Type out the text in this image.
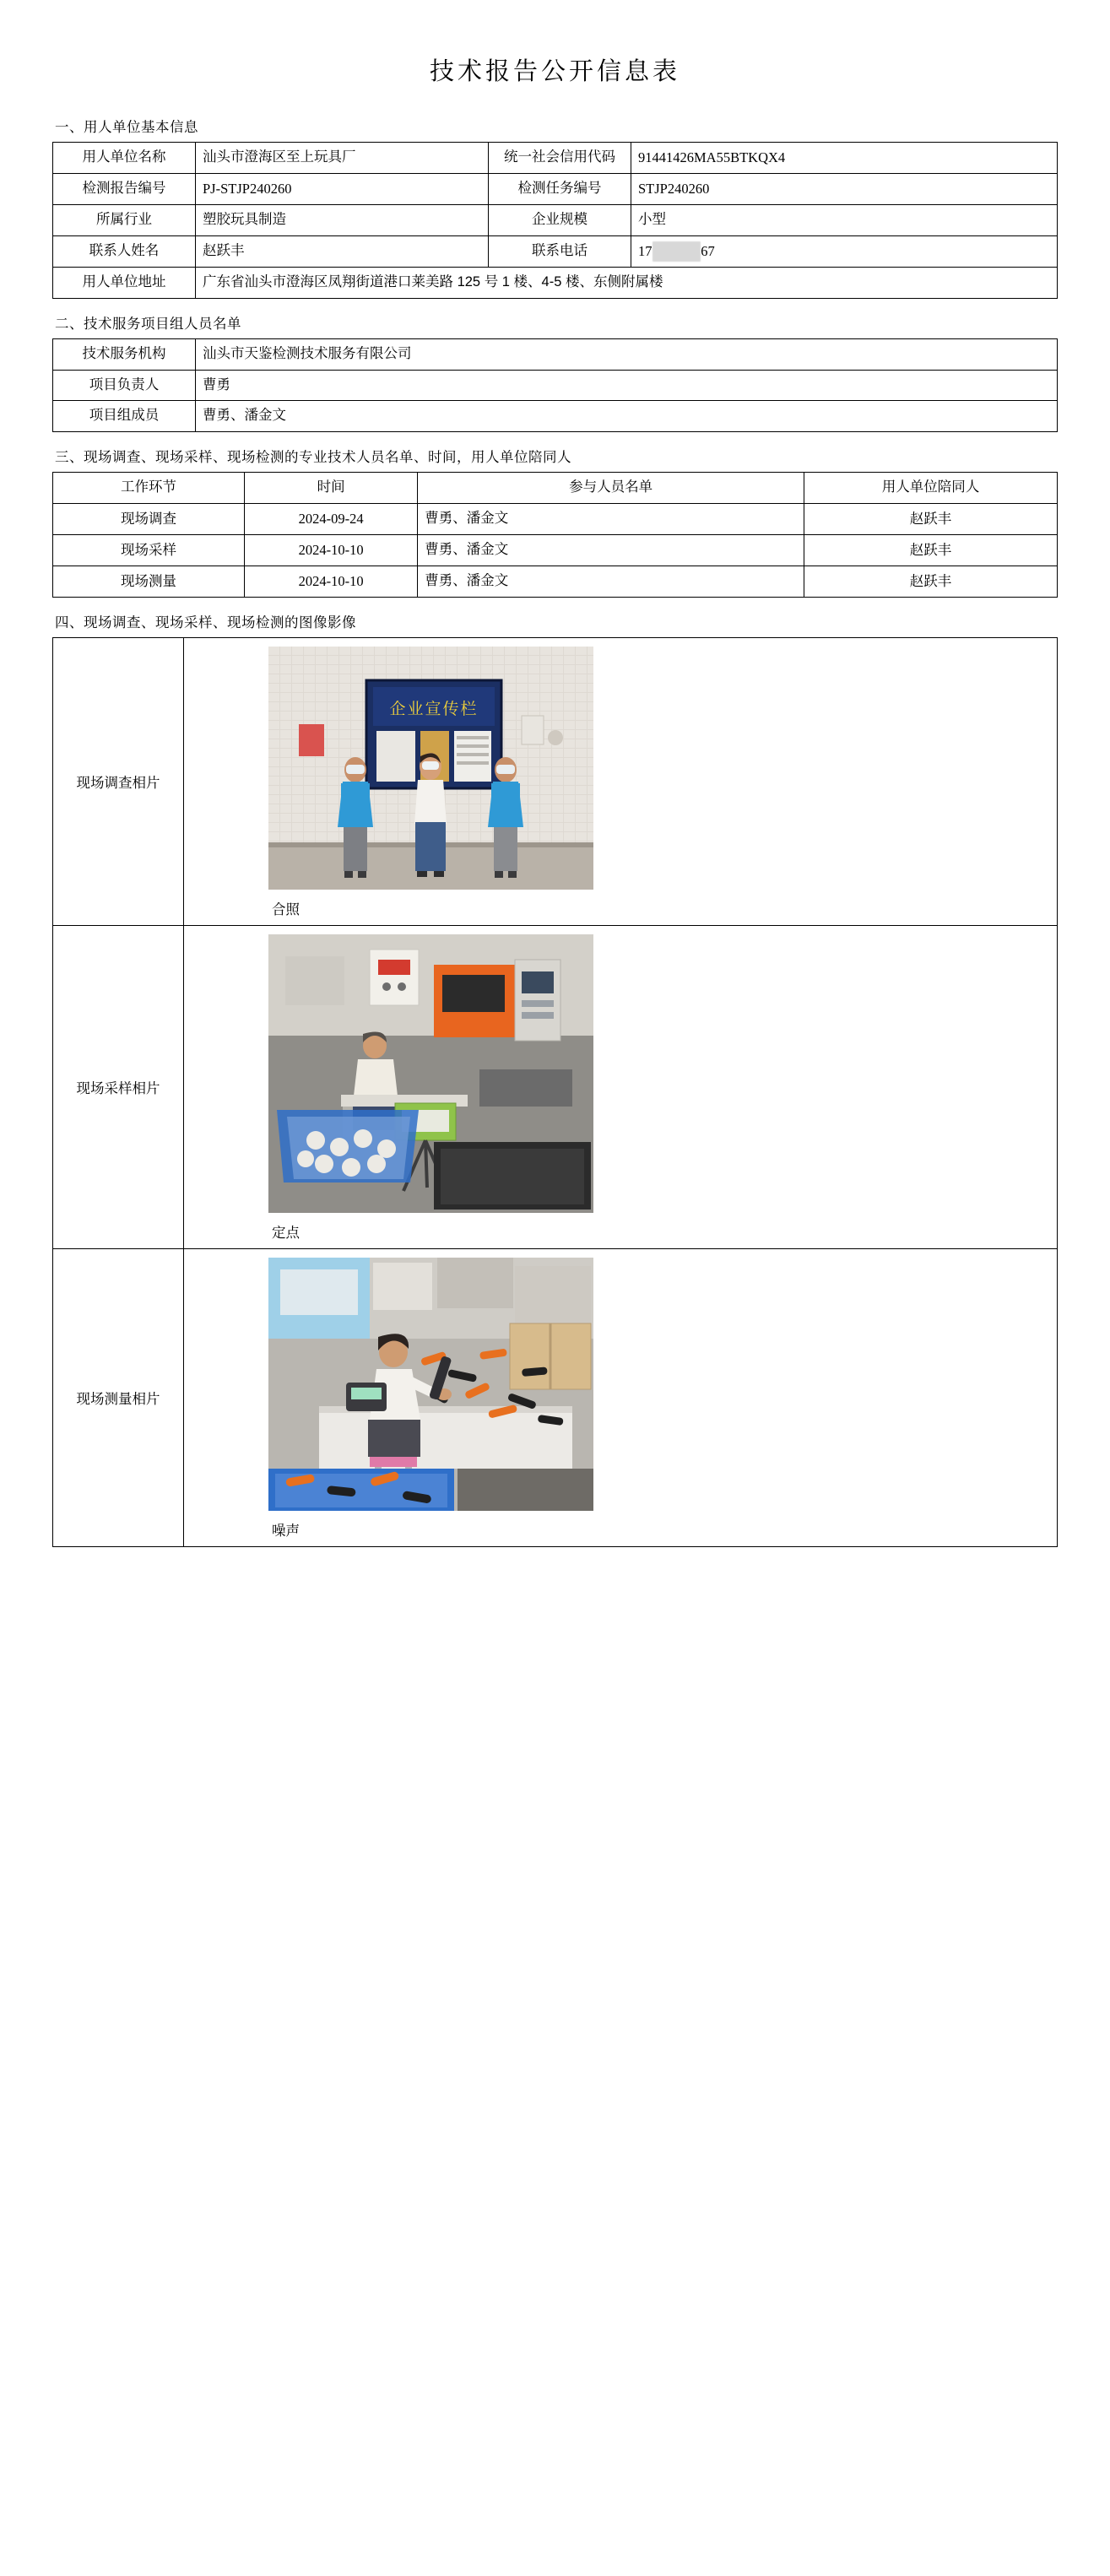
技术报告公开信息表
一、用人单位基本信息
用人单位名称	汕头市澄海区至上玩具厂	统一社会信用代码	91441426MA55BTKQX4
检测报告编号	PJ-STJP240260	检测任务编号	STJP240260
所属行业	塑胶玩具制造	企业规模	小型
联系人姓名	赵跃丰	联系电话	17 67
用人单位地址	广东省汕头市澄海区凤翔街道港口莱美路 125 号 1 楼、4-5 楼、东侧附属楼		
二、技术服务项目组人员名单
技术服务机构	汕头市天鉴检测技术服务有限公司
项目负责人	曹勇
项目组成员	曹勇、潘金文
三、现场调查、现场采样、现场检测的专业技术人员名单、时间，用人单位陪同人
工作环节	时间	参与人员名单	用人单位陪同人
现场调查	2024-09-24	曹勇、潘金文	赵跃丰
现场采样	2024-10-10	曹勇、潘金文	赵跃丰
现场测量	2024-10-10	曹勇、潘金文	赵跃丰
四、现场调查、现场采样、现场检测的图像影像
现场调查相片	企业宣传栏
合照

现场采样相片	定点

现场测量相片	噪声
